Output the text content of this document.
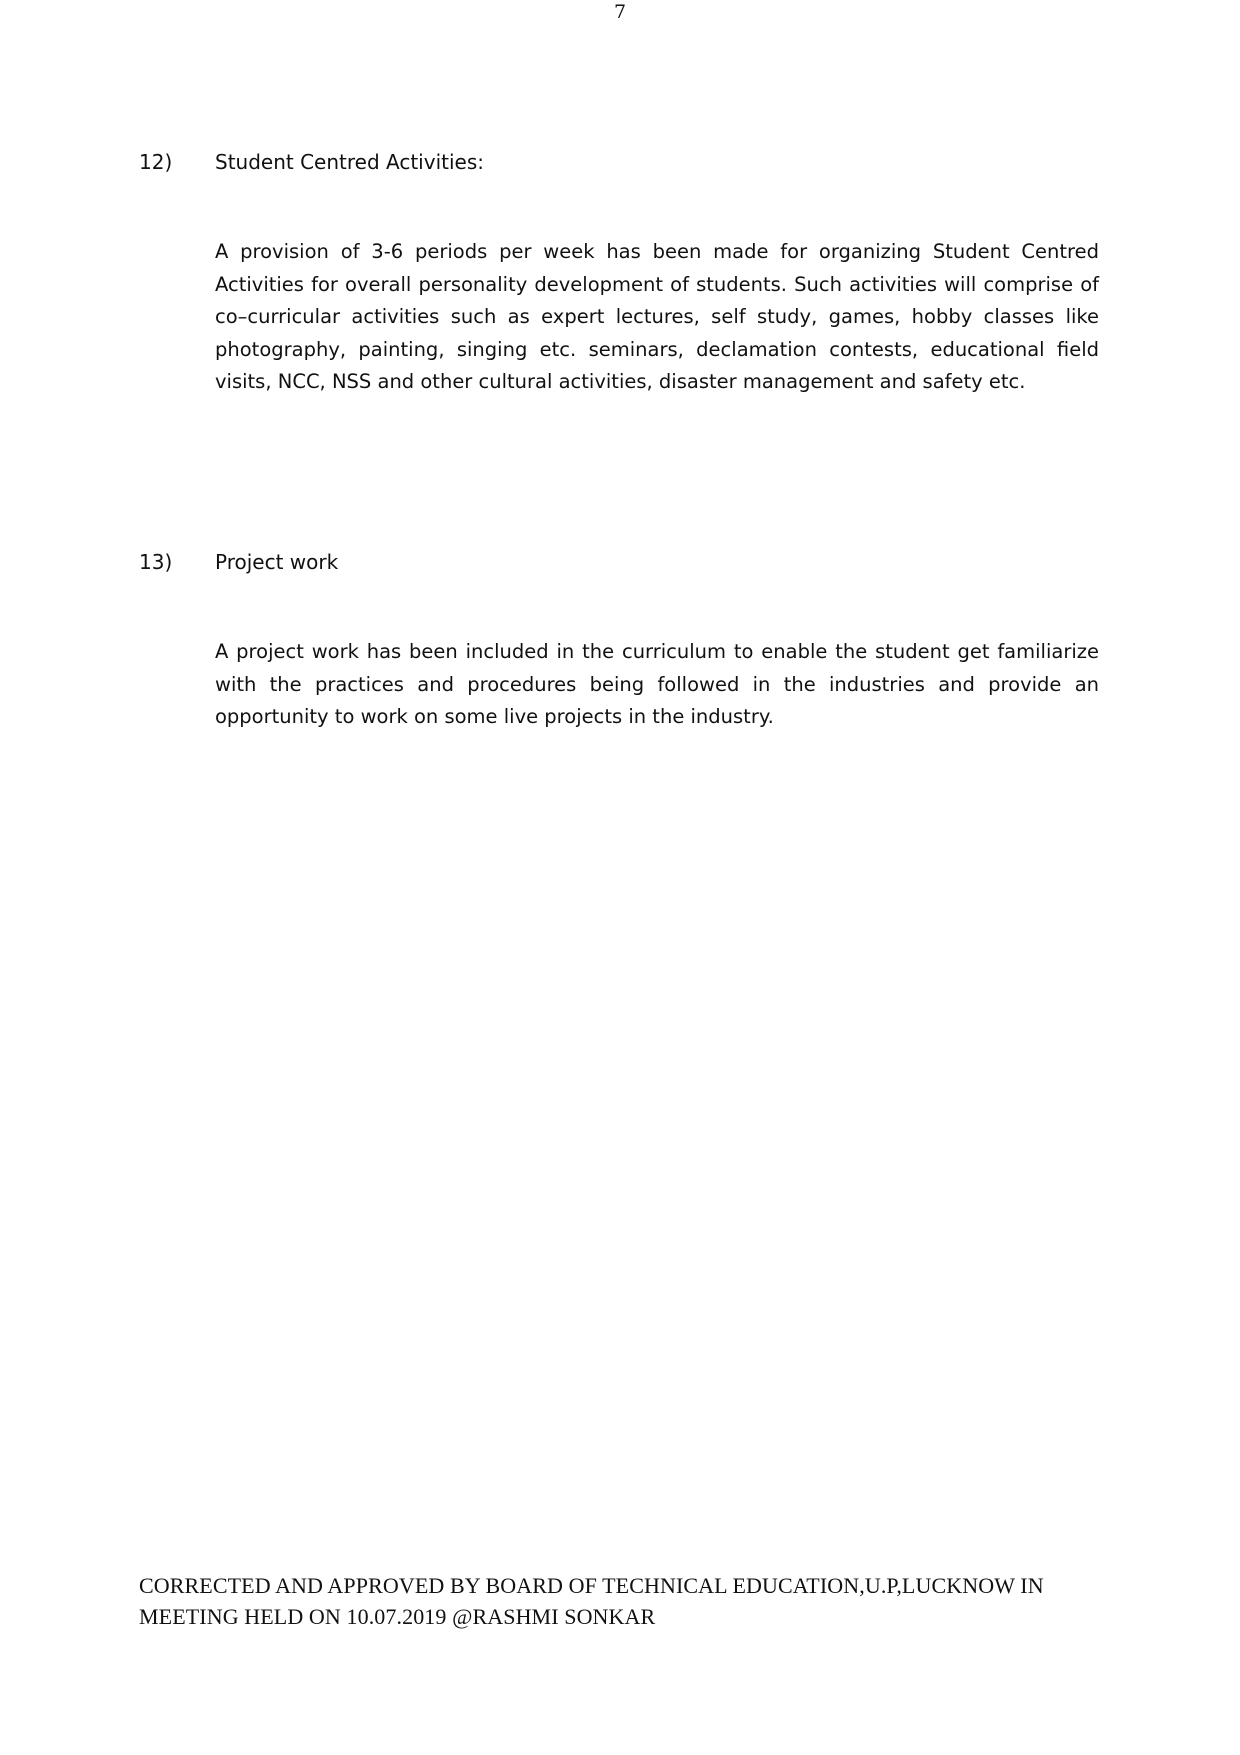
7
12)	Student Centred Activities:
A provision of 3-6 periods per week has been made for organizing Student Centred Activities for overall personality development of students. Such activities will comprise of co–curricular activities such as expert lectures, self study, games, hobby classes like photography, painting, singing etc. seminars, declamation contests, educational field visits, NCC, NSS and other cultural activities, disaster management and safety etc.
13)	Project work
A project work has been included in the curriculum to enable the student get familiarize with the practices and procedures being followed in the industries and provide an opportunity to work on some live projects in the industry.
CORRECTED AND APPROVED BY BOARD OF TECHNICAL EDUCATION,U.P,LUCKNOW IN
MEETING HELD ON 10.07.2019 @RASHMI SONKAR
